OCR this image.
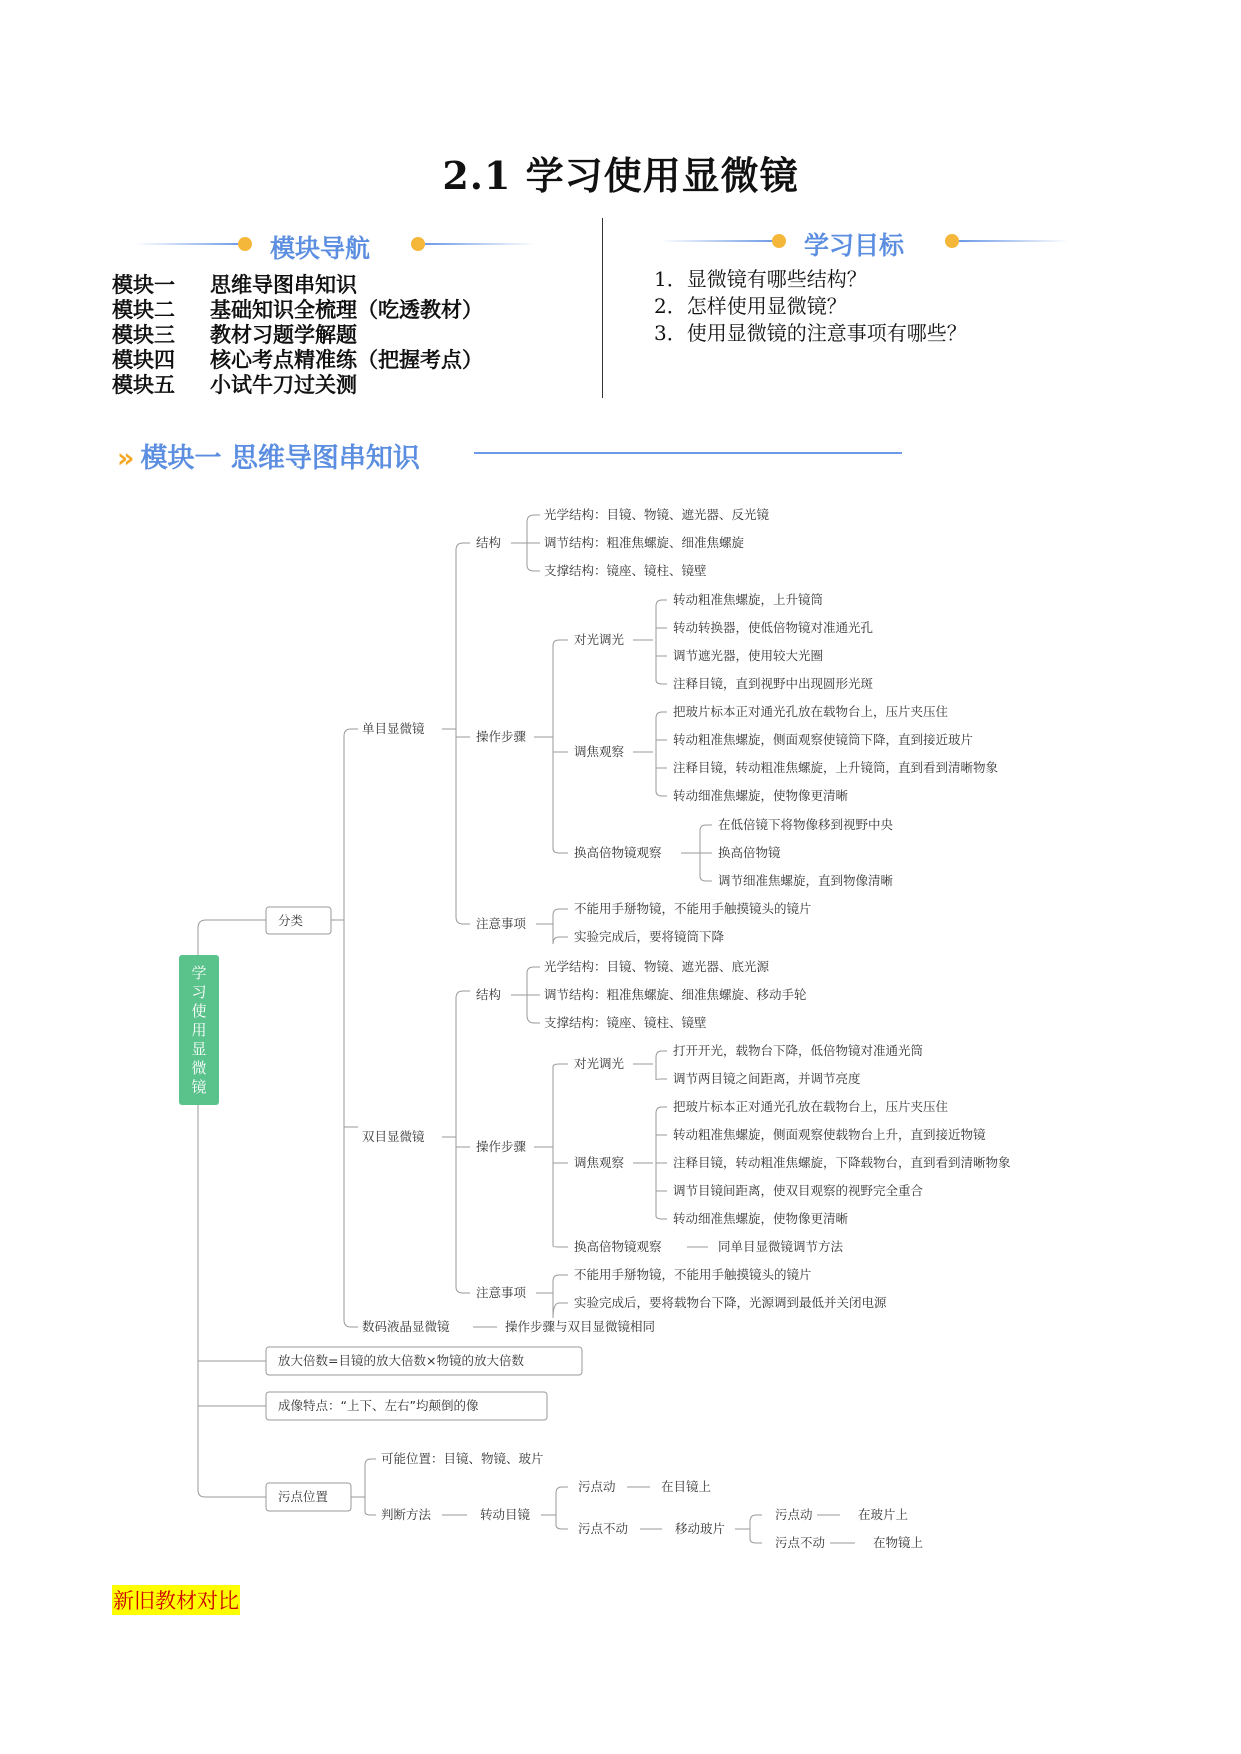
2.1 学习使用显微镜
模块导航
模块一 思维导图串知识
模块二 基础知识全梳理（吃透教材）
模块三 教材习题学解题
模块四 核心考点精准练（把握考点）
模块五 小试牛刀过关测
学习目标
1．显微镜有哪些结构？
2．怎样使用显微镜？
3．使用显微镜的注意事项有哪些？
» 模块一 思维导图串知识
学
习
使
用
显
微
镜
分类
单目显微镜
结构
光学结构：目镜、物镜、遮光器、反光镜
调节结构：粗准焦螺旋、细准焦螺旋
支撑结构：镜座、镜柱、镜壁
操作步骤
对光调光
转动粗准焦螺旋，上升镜筒
转动转换器，使低倍物镜对准通光孔
调节遮光器，使用较大光圈
注释目镜，直到视野中出现圆形光斑
调焦观察
把玻片标本正对通光孔放在载物台上，压片夹压住
转动粗准焦螺旋，侧面观察使镜筒下降，直到接近玻片
注释目镜，转动粗准焦螺旋，上升镜筒，直到看到清晰物象
转动细准焦螺旋，使物像更清晰
换高倍物镜观察
在低倍镜下将物像移到视野中央
换高倍物镜
调节细准焦螺旋，直到物像清晰
注意事项
不能用手掰物镜，不能用手触摸镜头的镜片
实验完成后，要将镜筒下降
双目显微镜
结构
光学结构：目镜、物镜、遮光器、底光源
调节结构：粗准焦螺旋、细准焦螺旋、移动手轮
支撑结构：镜座、镜柱、镜壁
操作步骤
对光调光
打开开光，载物台下降，低倍物镜对准通光筒
调节两目镜之间距离，并调节亮度
调焦观察
把玻片标本正对通光孔放在载物台上，压片夹压住
转动粗准焦螺旋，侧面观察使载物台上升，直到接近物镜
注释目镜，转动粗准焦螺旋，下降载物台，直到看到清晰物象
调节目镜间距离，使双目观察的视野完全重合
转动细准焦螺旋，使物像更清晰
换高倍物镜观察	同单目显微镜调节方法
注意事项
不能用手掰物镜，不能用手触摸镜头的镜片
实验完成后，要将载物台下降，光源调到最低并关闭电源
数码液晶显微镜	操作步骤与双目显微镜相同
放大倍数=目镜的放大倍数×物镜的放大倍数
成像特点：“上下、左右”均颠倒的像
污点位置
可能位置：目镜、物镜、玻片
判断方法	转动目镜
污点动	在目镜上
污点不动	移动玻片
污点动	在玻片上
污点不动	在物镜上
新旧教材对比
